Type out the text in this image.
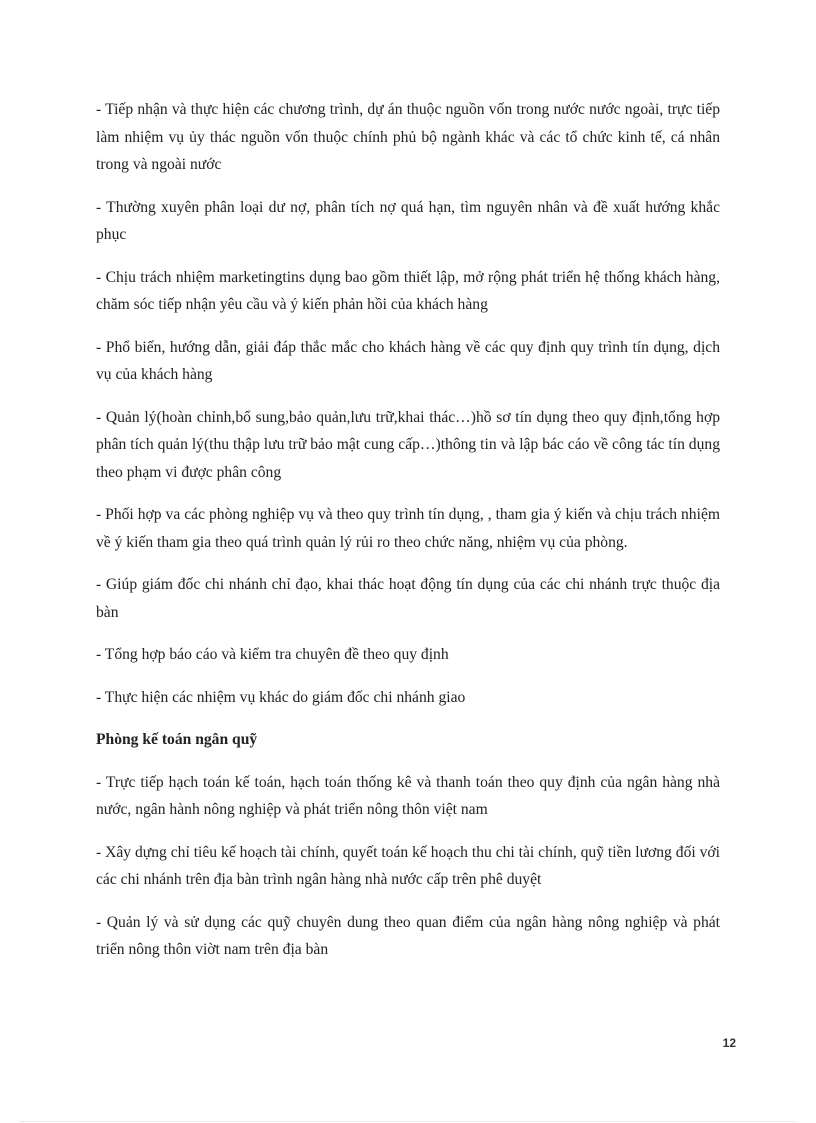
- Tiếp nhận và thực hiện các chương trình, dự án thuộc nguồn vốn trong nước nước ngoài, trực tiếp làm nhiệm vụ ủy thác nguồn vốn thuộc chính phủ bộ ngành khác và các tổ chức kinh tế, cá nhân trong và ngoài nước

- Thường xuyên phân loại dư nợ, phân tích nợ quá hạn, tìm nguyên nhân và đề xuất hướng khắc phục

- Chịu trách nhiệm marketingtins dụng bao gồm thiết lập, mở rộng phát triển hệ thống khách hàng, chăm sóc tiếp nhận yêu cầu và ý kiến phản hồi của khách hàng

- Phổ biến, hướng dẫn, giải đáp thắc mắc cho khách hàng về các quy định quy trình tín dụng, dịch vụ của khách hàng

- Quản lý(hoàn chỉnh,bổ sung,bảo quản,lưu trữ,khai thác…)hồ sơ tín dụng theo quy định,tổng hợp phân tích quản lý(thu thập lưu trữ bảo mật cung cấp…)thông tin và lập bác cáo về công tác tín dụng theo phạm vi được phân công

- Phối hợp va các phòng nghiệp vụ và theo quy trình tín dụng, , tham gia ý kiến và chịu trách nhiệm về ý kiến tham gia theo quá trình quản lý rủi ro theo chức năng, nhiệm vụ của phòng.

- Giúp giám đốc chi nhánh chỉ đạo, khai thác hoạt động tín dụng của các chi nhánh trực thuộc địa bàn

- Tổng hợp báo cáo và kiểm tra chuyên đề theo quy định

- Thực hiện các nhiệm vụ khác do giám đốc chi nhánh giao

Phòng kế toán ngân quỹ

- Trực tiếp hạch toán kế toán, hạch toán thống kê và thanh toán theo quy định của ngân hàng nhà nước, ngân hành nông nghiệp và phát triển nông thôn việt nam

- Xây dựng chỉ tiêu kế hoạch tài chính, quyết toán kế hoạch thu chi tài chính, quỹ tiền lương đối với các chi nhánh trên địa bàn trình ngân hàng nhà nước cấp trên phê duyệt

- Quản lý và sử dụng các quỹ chuyên dung theo quan điểm của ngân hàng nông nghiệp và phát triển nông thôn viờt nam trên địa bàn

12
